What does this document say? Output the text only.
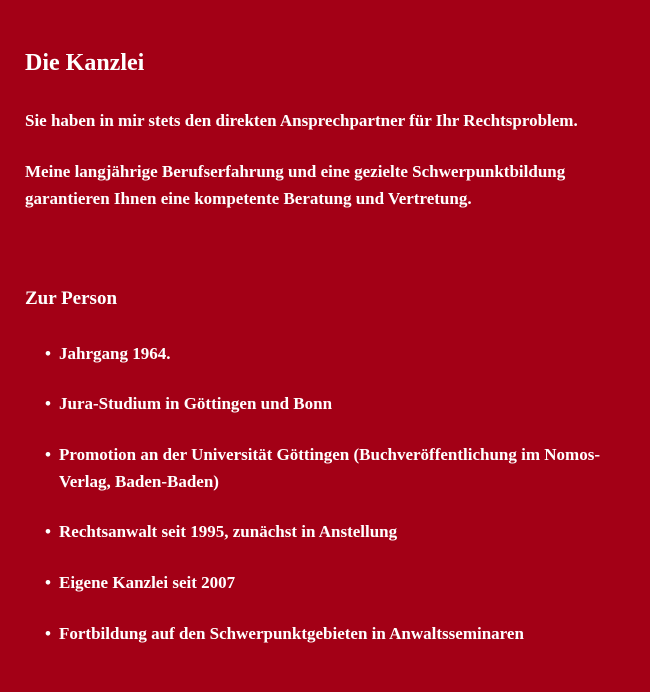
Die Kanzlei

Sie haben in mir stets den direkten Ansprechpartner für Ihr Rechtsproblem.

Meine langjährige Berufserfahrung und eine gezielte Schwerpunktbildung garantieren Ihnen eine kompetente Beratung und Vertretung.

Zur Person
• Jahrgang 1964.
• Jura-Studium in Göttingen und Bonn
• Promotion an der Universität Göttingen (Buchveröffentlichung im Nomos-Verlag, Baden-Baden)
• Rechtsanwalt seit 1995, zunächst in Anstellung
• Eigene Kanzlei seit 2007
• Fortbildung auf den Schwerpunktgebieten in Anwaltsseminaren
